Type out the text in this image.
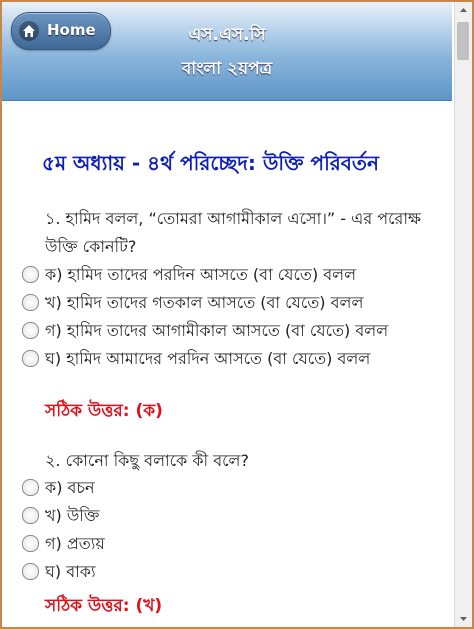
Home	এস.এস.সি
বাংলা ২য়পত্র
৫ম অধ্যায় - ৪র্থ পরিচ্ছেদ: উক্তি পরিবর্তন
১. হামিদ বলল, “তোমরা আগামীকাল এসো।” - এর পরোক্ষ
উক্তি কোনটি?
ক) হামিদ তাদের পরদিন আসতে (বা যেতে) বলল
খ) হামিদ তাদের গতকাল আসতে (বা যেতে) বলল
গ) হামিদ তাদের আগামীকাল আসতে (বা যেতে) বলল
ঘ) হামিদ আমাদের পরদিন আসতে (বা যেতে) বলল
সঠিক উত্তর: (ক)
২. কোনো কিছু বলাকে কী বলে?
ক) বচন
খ) উক্তি
গ) প্রত্যয়
ঘ) বাক্য
সঠিক উত্তর: (খ)
